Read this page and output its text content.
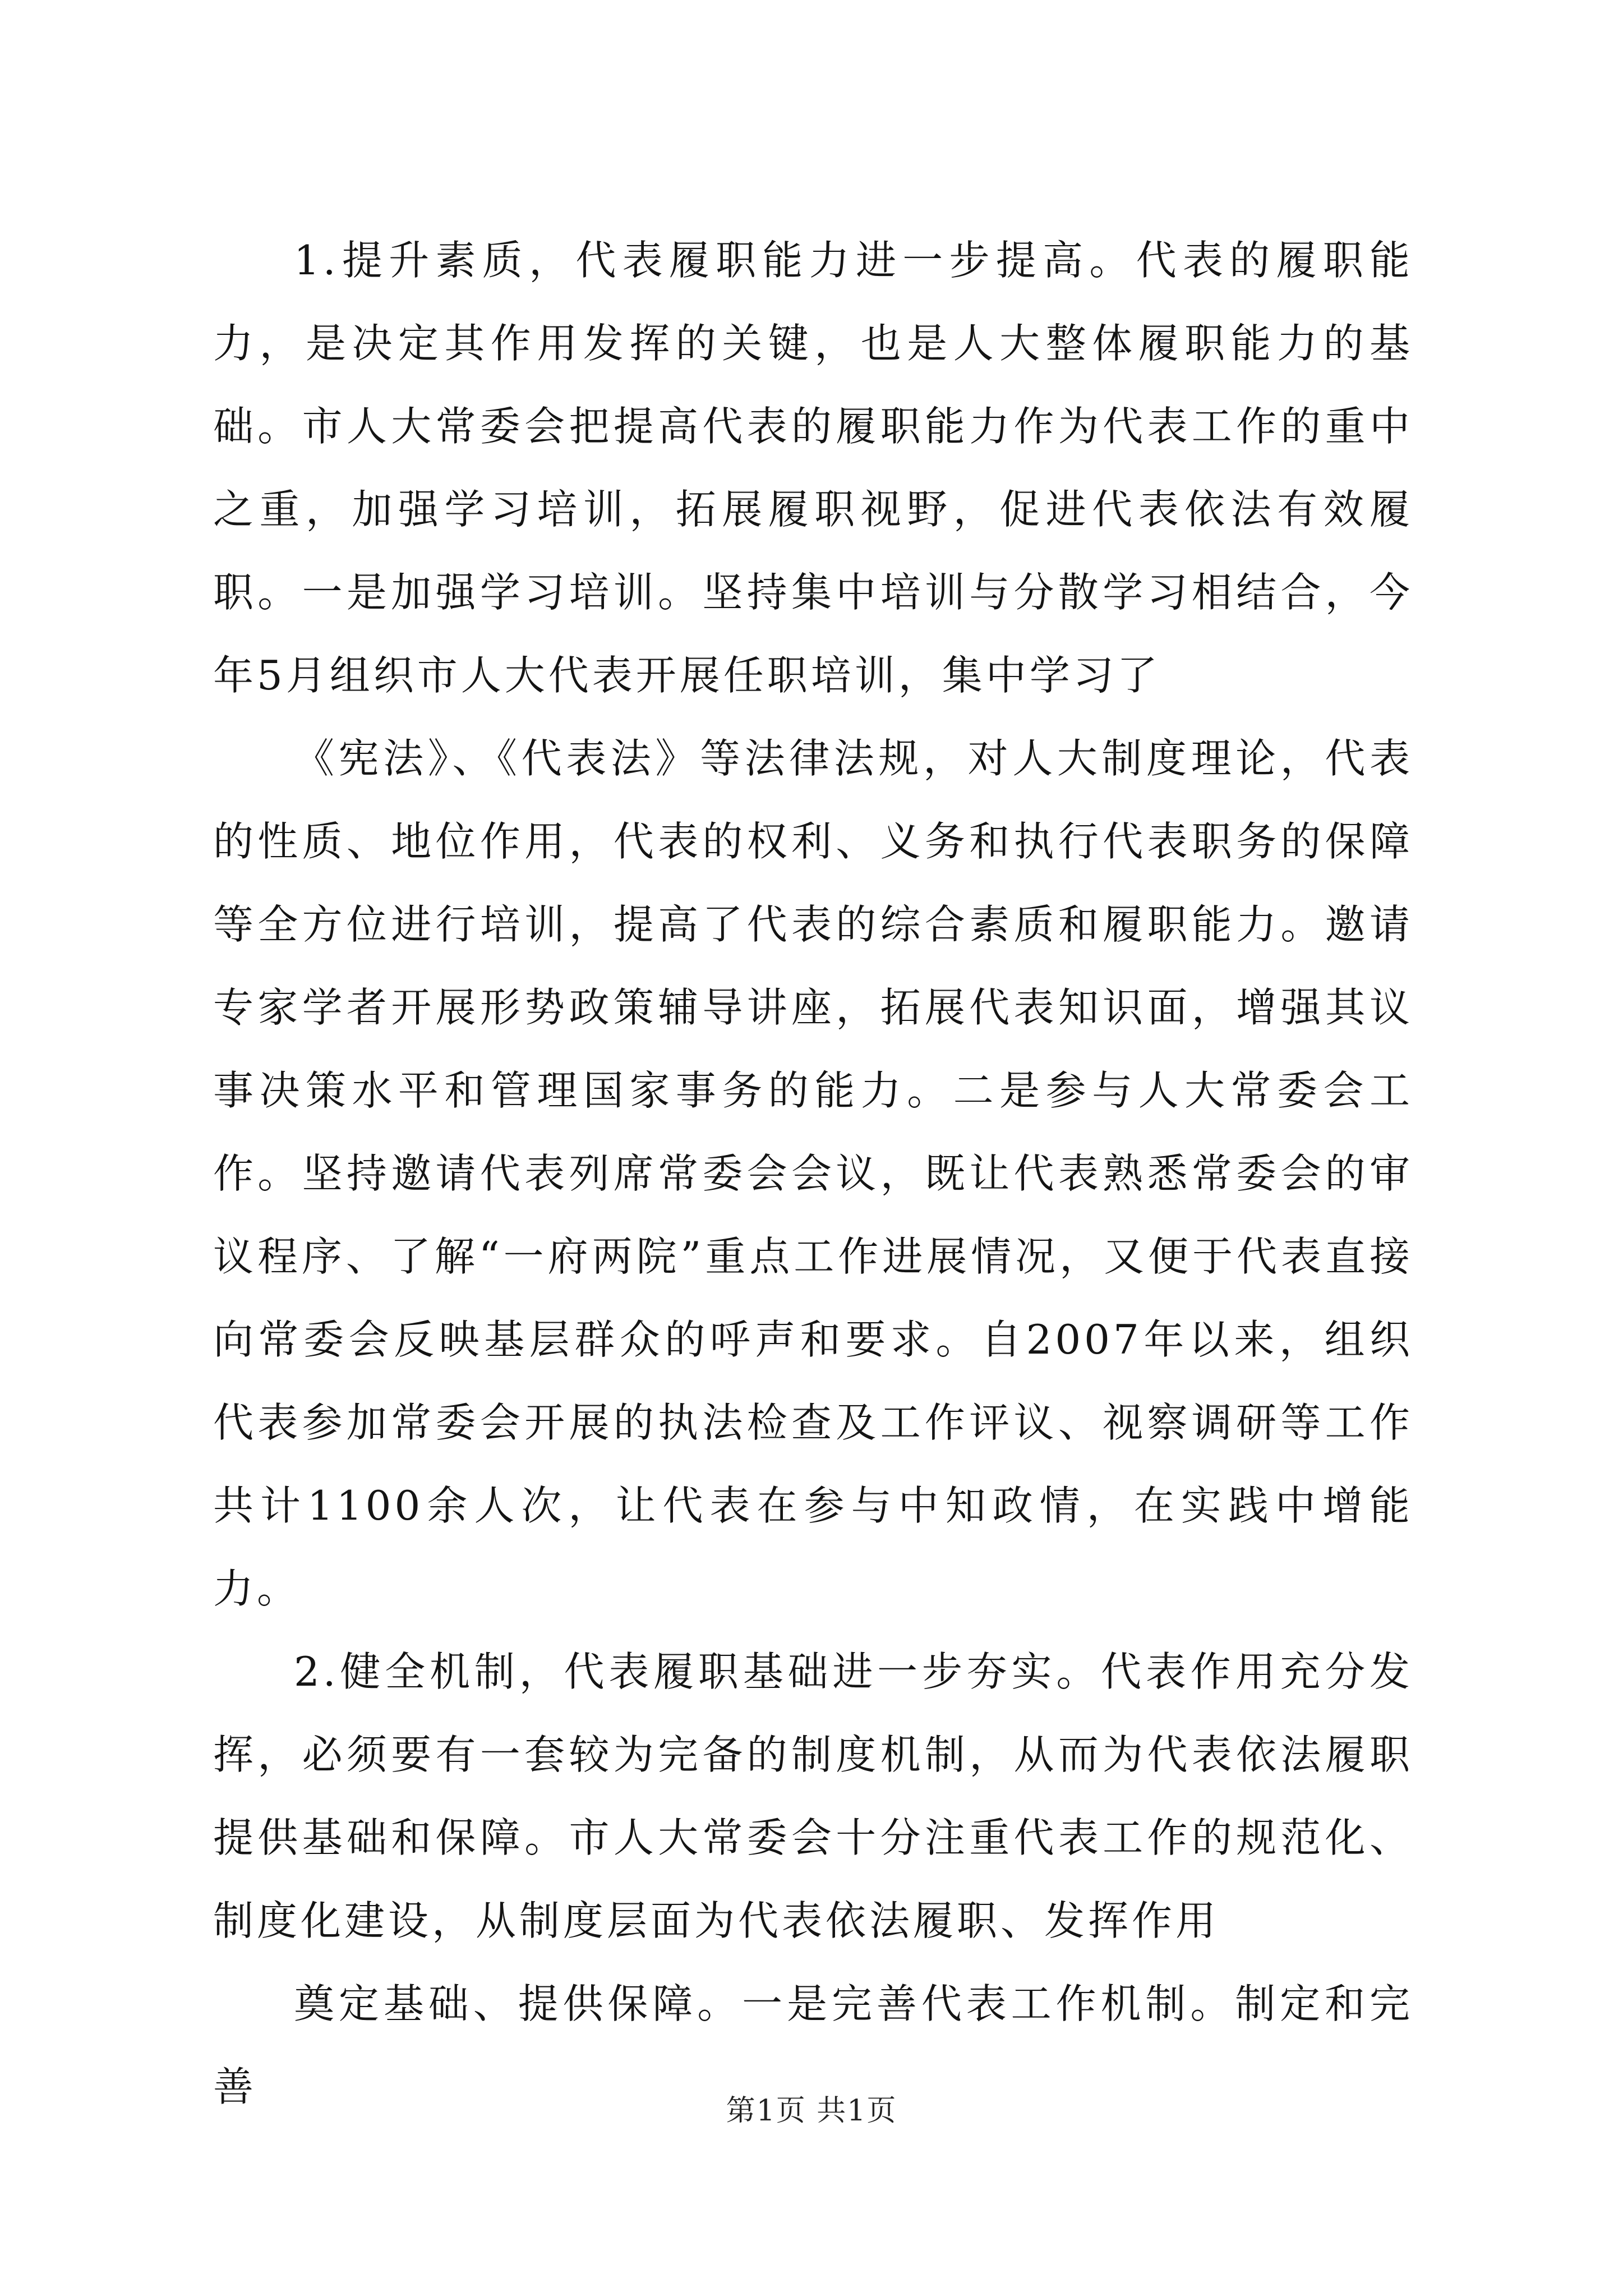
1.提升素质，代表履职能力进一步提高。代表的履职能力，是决定其作用发挥的关键，也是人大整体履职能力的基础。市人大常委会把提高代表的履职能力作为代表工作的重中之重，加强学习培训，拓展履职视野，促进代表依法有效履职。一是加强学习培训。坚持集中培训与分散学习相结合，今年5月组织市人大代表开展任职培训，集中学习了

《宪法》、《代表法》等法律法规，对人大制度理论，代表的性质、地位作用，代表的权利、义务和执行代表职务的保障等全方位进行培训，提高了代表的综合素质和履职能力。邀请专家学者开展形势政策辅导讲座，拓展代表知识面，增强其议事决策水平和管理国家事务的能力。二是参与人大常委会工作。坚持邀请代表列席常委会会议，既让代表熟悉常委会的审议程序、了解“一府两院”重点工作进展情况，又便于代表直接向常委会反映基层群众的呼声和要求。自2007年以来，组织代表参加常委会开展的执法检查及工作评议、视察调研等工作共计1100余人次，让代表在参与中知政情，在实践中增能力。

2.健全机制，代表履职基础进一步夯实。代表作用充分发挥，必须要有一套较为完备的制度机制，从而为代表依法履职提供基础和保障。市人大常委会十分注重代表工作的规范化、制度化建设，从制度层面为代表依法履职、发挥作用

奠定基础、提供保障。一是完善代表工作机制。制定和完善

第1页 共1页
